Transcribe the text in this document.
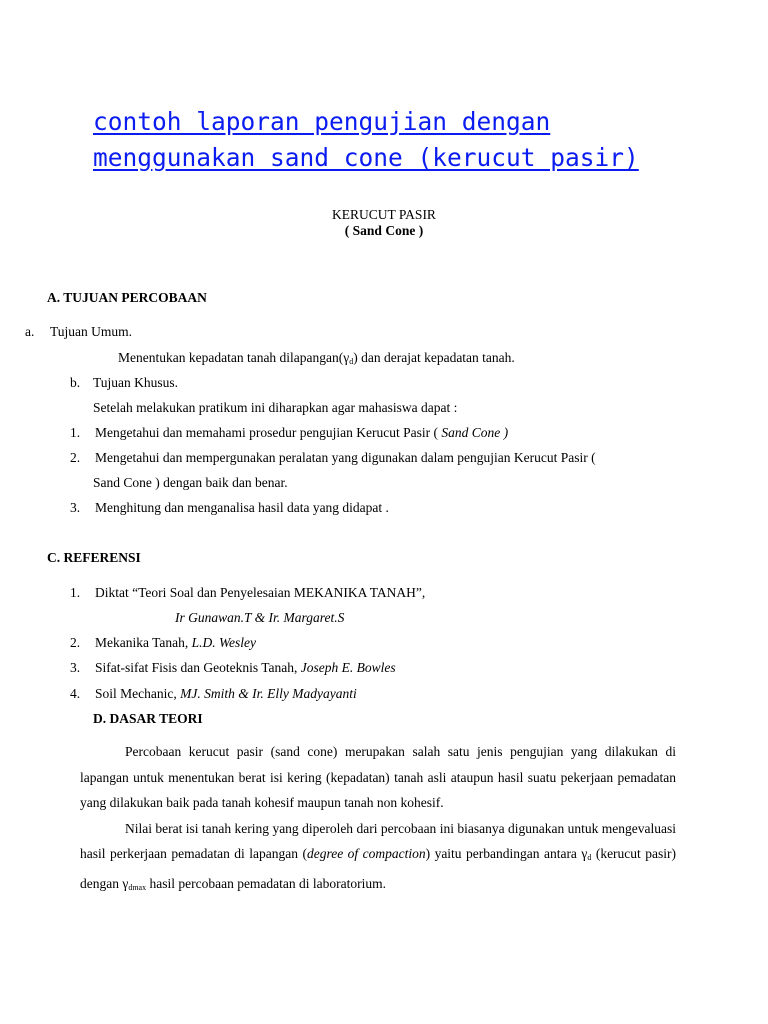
contoh laporan pengujian dengan
menggunakan sand cone (kerucut pasir)
KERUCUT PASIR
( Sand Cone )
A. TUJUAN PERCOBAAN
a. Tujuan Umum.
Menentukan kepadatan tanah $dilapangan(\gamma_d)$ dan derajat kepadatan tanah.
b. Tujuan Khusus.
Setelah melakukan pratikum ini diharapkan agar mahasiswa dapat :
1. Mengetahui dan memahami prosedur pengujian Kerucut Pasir ( Sand Cone )
2. Mengetahui dan mempergunakan peralatan yang digunakan dalam pengujian Kerucut Pasir (
Sand Cone ) dengan baik dan benar.
3. Menghitung dan menganalisa hasil data yang didapat .
C. REFERENSI
1. Diktat “Teori Soal dan Penyelesaian MEKANIKA TANAH”,
Ir Gunawan.T & Ir. Margaret.S
2. Mekanika Tanah, L.D. Wesley
3. Sifat-sifat Fisis dan Geoteknis Tanah, Joseph E. Bowles
4. Soil Mechanic, MJ. Smith & Ir. Elly Madyayanti
D. DASAR TEORI

Percobaan kerucut pasir (sand cone) merupakan salah satu jenis pengujian yang dilakukan di lapangan untuk menentukan berat isi kering (kepadatan) tanah asli ataupun hasil suatu pekerjaan pemadatan yang dilakukan baik pada tanah kohesif maupun tanah non kohesif.

Nilai berat isi tanah kering yang diperoleh dari percobaan ini biasanya digunakan untuk mengevaluasi hasil perkerjaan pemadatan di lapangan (degree of compaction) yaitu perbandingan antara $\gamma_d$ (kerucut pasir) dengan $\gamma_{dmax}$ hasil percobaan pemadatan di laboratorium.
